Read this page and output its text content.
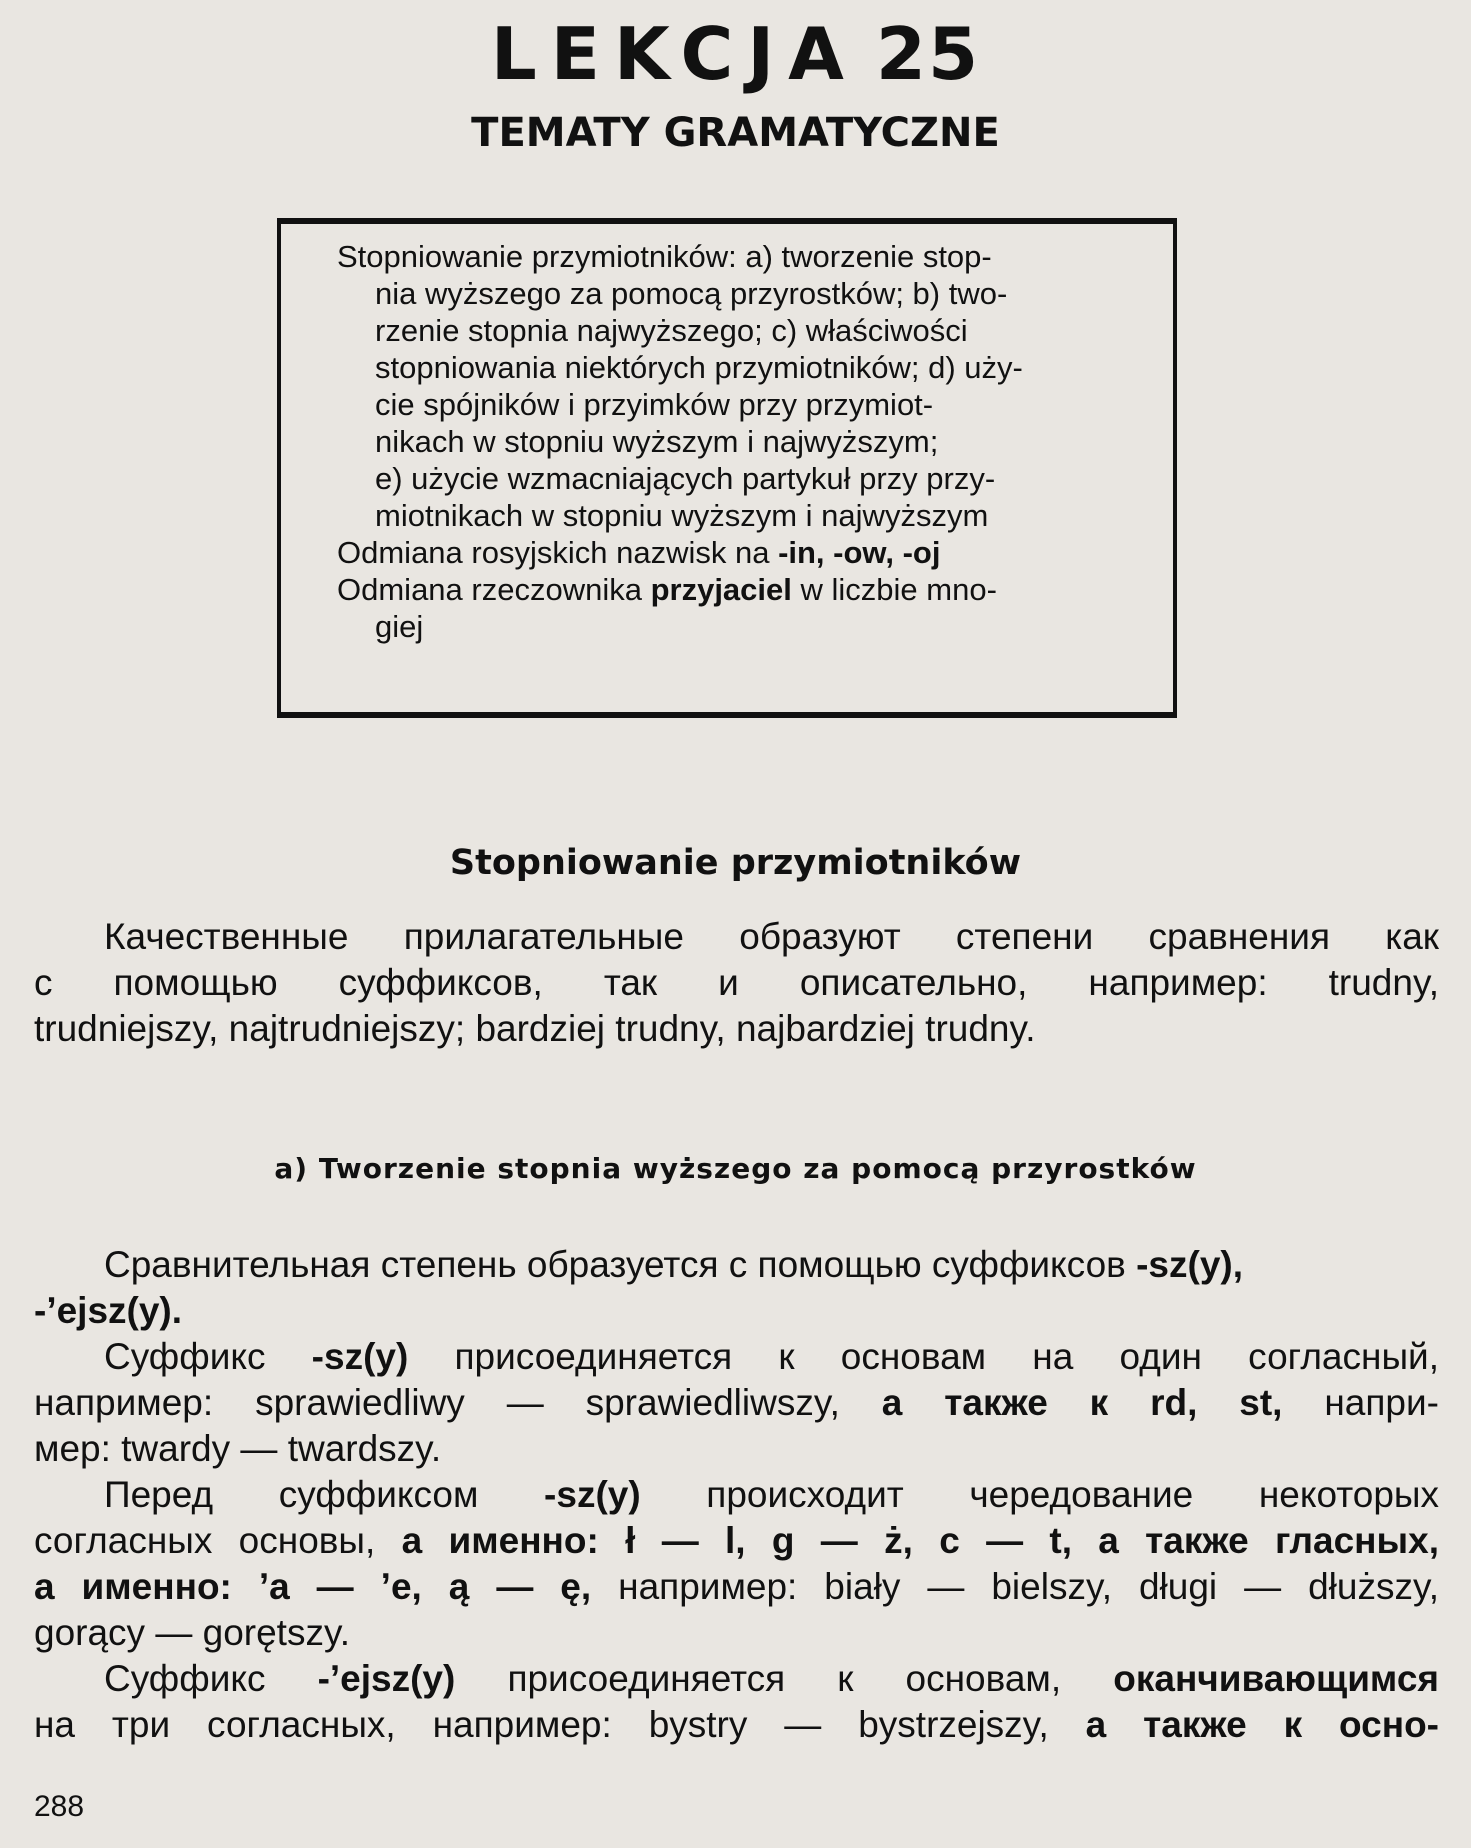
LEKCJA 25
TEMATY GRAMATYCZNE

Stopniowanie przymiotników: a) tworzenie stop-

nia wyższego za pomocą przyrostków; b) two-

rzenie stopnia najwyższego; c) właściwości

stopniowania niektórych przymiotników; d) uży-

cie spójników i przyimków przy przymiot-

nikach w stopniu wyższym i najwyższym;

e) użycie wzmacniających partykuł przy przy-

miotnikach w stopniu wyższym i najwyższym

Odmiana rosyjskich nazwisk na -in, -ow, -oj

Odmiana rzeczownika przyjaciel w liczbie mno-

giej

Stopniowanie przymiotników

Качественные прилагательные образуют степени сравнения как

с помощью суффиксов, так и описательно, например: trudny,

trudniejszy, najtrudniejszy; bardziej trudny, najbardziej trudny.

a) Tworzenie stopnia wyższego za pomocą przyrostków

Сравнительная степень образуется с помощью суффиксов -sz(y),

-’ejsz(y).

Суффикс -sz(y) присоединяется к основам на один согласный,

например: sprawiedliwy — sprawiedliwszy, а также к rd, st, напри-

мер: twardy — twardszy.

Перед суффиксом -sz(y) происходит чередование некоторых

согласных основы, а именно: ł — l, g — ż, c — t, а также гласных,

а именно: ’a — ’e, ą — ę, например: biały — bielszy, długi — dłuższy,

gorący — gorętszy.

Суффикс -’ejsz(y) присоединяется к основам, оканчивающимся

на три согласных, например: bystry — bystrzejszy, а также к осно-

288
